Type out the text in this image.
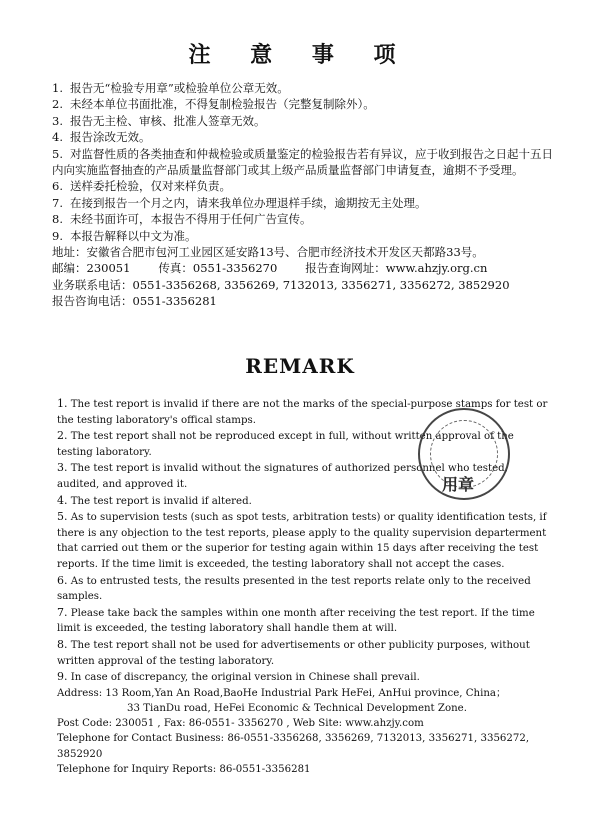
注 意 事 项

1. 报告无“检验专用章”或检验单位公章无效。

2. 未经本单位书面批准，不得复制检验报告（完整复制除外）。

3. 报告无主检、审核、批准人签章无效。

4. 报告涂改无效。

5. 对监督性质的各类抽查和仲裁检验或质量鉴定的检验报告若有异议，应于收到报告之日起十五日内向实施监督抽查的产品质量监督部门或其上级产品质量监督部门申请复查，逾期不予受理。

6. 送样委托检验，仅对来样负责。

7. 在接到报告一个月之内，请来我单位办理退样手续，逾期按无主处理。

8. 未经书面许可，本报告不得用于任何广告宣传。

9. 本报告解释以中文为准。

地址：安徽省合肥市包河工业园区延安路13号、合肥市经济技术开发区天都路33号。

邮编：230051 传真：0551-3356270 报告查询网址：www.ahzjy.org.cn

业务联系电话：0551-3356268, 3356269, 7132013, 3356271, 3356272, 3852920

报告咨询电话：0551-3356281

REMARK

1. The test report is invalid if there are not the marks of the special-purpose stamps for test or the testing laboratory's offical stamps.

2. The test report shall not be reproduced except in full, without written approval of the testing laboratory.

3. The test report is invalid without the signatures of authorized personnel who tested, audited, and approved it.

4. The test report is invalid if altered.

5. As to supervision tests (such as spot tests, arbitration tests) or quality identification tests, if there is any objection to the test reports, please apply to the quality supervision departerment that carried out them or the superior for testing again within 15 days after receiving the test reports. If the time limit is exceeded, the testing laboratory shall not accept the cases.

6. As to entrusted tests, the results presented in the test reports relate only to the received samples.

7. Please take back the samples within one month after receiving the test report. If the time limit is exceeded, the testing laboratory shall handle them at will.

8. The test report shall not be used for advertisements or other publicity purposes, without written approval of the testing laboratory.

9. In case of discrepancy, the original version in Chinese shall prevail.

Address: 13 Room,Yan An Road,BaoHe Industrial Park HeFei, AnHui province, China；

33 TianDu road, HeFei Economic & Technical Development Zone.

Post Code: 230051 , Fax: 86-0551- 3356270 , Web Site: www.ahzjy.com

Telephone for Contact Business: 86-0551-3356268, 3356269, 7132013, 3356271, 3356272, 3852920

Telephone for Inquiry Reports: 86-0551-3356281

用章
